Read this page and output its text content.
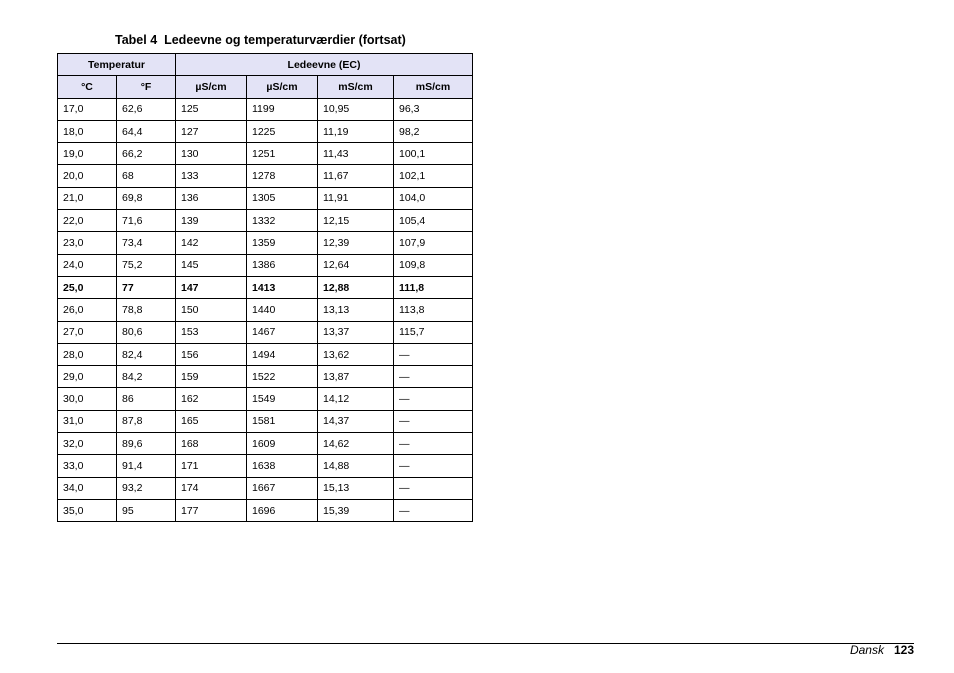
Tabel 4  Ledeevne og temperaturværdier (fortsat)
Temperatur		Ledeevne (EC)			
°C	°F	µS/cm	µS/cm	mS/cm	mS/cm
17,0	62,6	125	1199	10,95	96,3
18,0	64,4	127	1225	11,19	98,2
19,0	66,2	130	1251	11,43	100,1
20,0	68	133	1278	11,67	102,1
21,0	69,8	136	1305	11,91	104,0
22,0	71,6	139	1332	12,15	105,4
23,0	73,4	142	1359	12,39	107,9
24,0	75,2	145	1386	12,64	109,8
25,0	77	147	1413	12,88	111,8
26,0	78,8	150	1440	13,13	113,8
27,0	80,6	153	1467	13,37	115,7
28,0	82,4	156	1494	13,62	—
29,0	84,2	159	1522	13,87	—
30,0	86	162	1549	14,12	—
31,0	87,8	165	1581	14,37	—
32,0	89,6	168	1609	14,62	—
33,0	91,4	171	1638	14,88	—
34,0	93,2	174	1667	15,13	—
35,0	95	177	1696	15,39	—
Dansk 123
